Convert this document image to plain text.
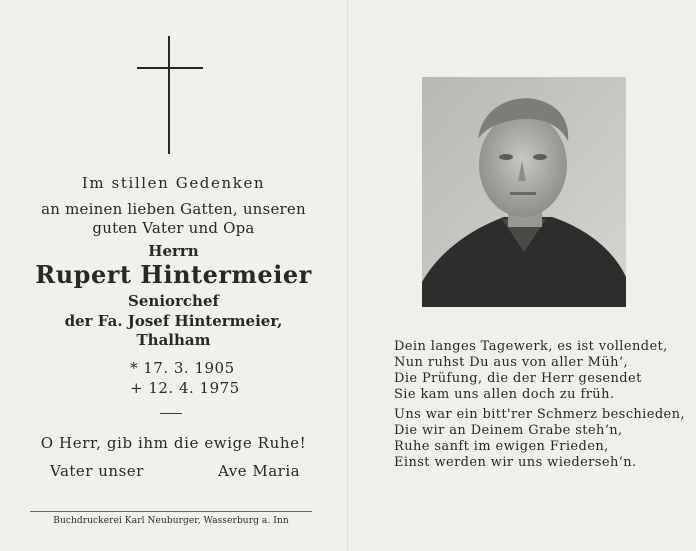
Im stillen Gedenken
an meinen lieben Gatten, unseren
guten Vater und Opa
Herrn
Rupert Hintermeier
Seniorchef
der Fa. Josef Hintermeier,
Thalham
* 17. 3. 1905
+ 12. 4. 1975
O Herr, gib ihm die ewige Ruhe!
Vater unser	Ave Maria
Buchdruckerei Karl Neuburger, Wasserburg a. Inn
Dein langes Tagewerk, es ist vollendet,
Nun ruhst Du aus von aller Müh‘,
Die Prüfung, die der Herr gesendet
Sie kam uns allen doch zu früh.
Uns war ein bitt'rer Schmerz beschieden,
Die wir an Deinem Grabe steh‘n,
Ruhe sanft im ewigen Frieden,
Einst werden wir uns wiederseh‘n.
